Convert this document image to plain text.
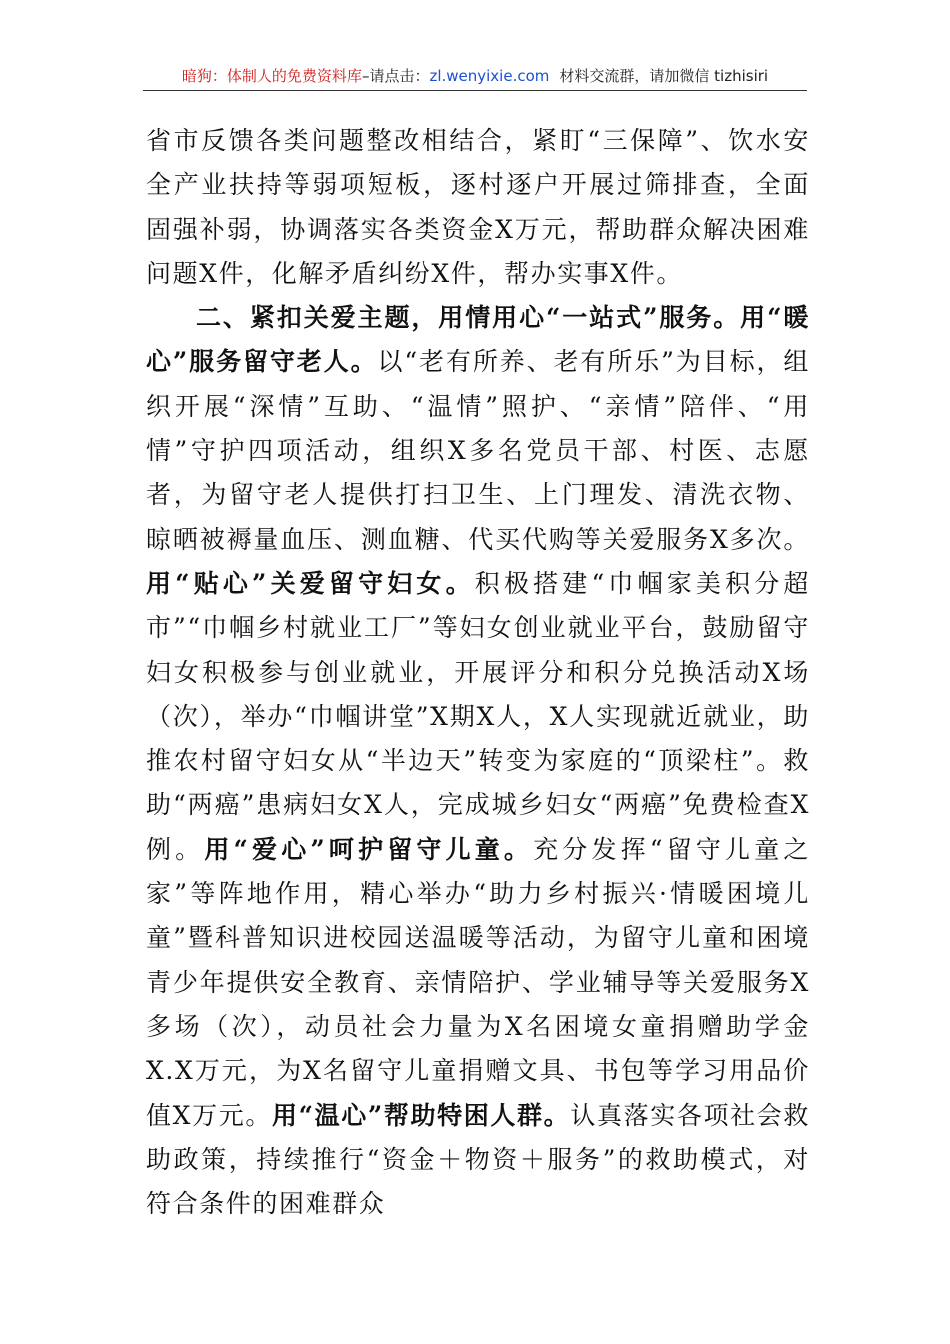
暗狗：体制人的免费资料库–请点击：zl.wenyixie.com 材料交流群，请加微信 tizhisiri

省市反馈各类问题整改相结合，紧盯“三保障”、饮水安全产业扶持等弱项短板，逐村逐户开展过筛排查，全面固强补弱，协调落实各类资金X万元，帮助群众解决困难问题X件，化解矛盾纠纷X件，帮办实事X件。

二、紧扣关爱主题，用情用心“一站式”服务。用“暖心”服务留守老人。以“老有所养、老有所乐”为目标，组织开展“深情”互助、“温情”照护、“亲情”陪伴、“用情”守护四项活动，组织X多名党员干部、村医、志愿者，为留守老人提供打扫卫生、上门理发、清洗衣物、晾晒被褥量血压、测血糖、代买代购等关爱服务X多次。用“贴心”关爱留守妇女。积极搭建“巾帼家美积分超市”“巾帼乡村就业工厂”等妇女创业就业平台，鼓励留守妇女积极参与创业就业，开展评分和积分兑换活动X场（次），举办“巾帼讲堂”X期X人，X人实现就近就业，助推农村留守妇女从“半边天”转变为家庭的“顶梁柱”。救助“两癌”患病妇女X人，完成城乡妇女“两癌”免费检查X例。用“爱心”呵护留守儿童。充分发挥“留守儿童之家”等阵地作用，精心举办“助力乡村振兴·情暖困境儿童”暨科普知识进校园送温暖等活动，为留守儿童和困境青少年提供安全教育、亲情陪护、学业辅导等关爱服务X多场（次），动员社会力量为X名困境女童捐赠助学金X.X万元，为X名留守儿童捐赠文具、书包等学习用品价值X万元。用“温心”帮助特困人群。认真落实各项社会救助政策，持续推行“资金＋物资＋服务”的救助模式，对符合条件的困难群众
